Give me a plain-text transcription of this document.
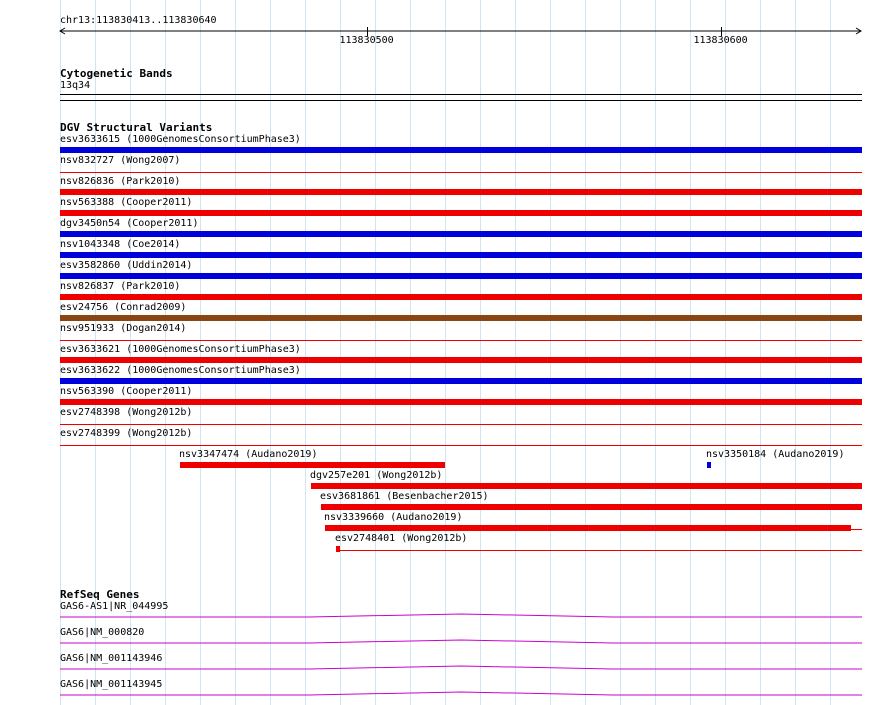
chr13:113830413..113830640
113830500	113830600
Cytogenetic Bands
13q34
DGV Structural Variants
esv3633615 (1000GenomesConsortiumPhase3)
nsv832727 (Wong2007)
nsv826836 (Park2010)
nsv563388 (Cooper2011)
dgv3450n54 (Cooper2011)
nsv1043348 (Coe2014)
esv3582860 (Uddin2014)
nsv826837 (Park2010)
esv24756 (Conrad2009)
nsv951933 (Dogan2014)
esv3633621 (1000GenomesConsortiumPhase3)
esv3633622 (1000GenomesConsortiumPhase3)
nsv563390 (Cooper2011)
esv2748398 (Wong2012b)
esv2748399 (Wong2012b)
nsv3347474 (Audano2019)	nsv3350184 (Audano2019)
dgv257e201 (Wong2012b)
esv3681861 (Besenbacher2015)
nsv3339660 (Audano2019)
esv2748401 (Wong2012b)
RefSeq Genes
GAS6-AS1|NR_044995
GAS6|NM_000820
GAS6|NM_001143946
GAS6|NM_001143945
